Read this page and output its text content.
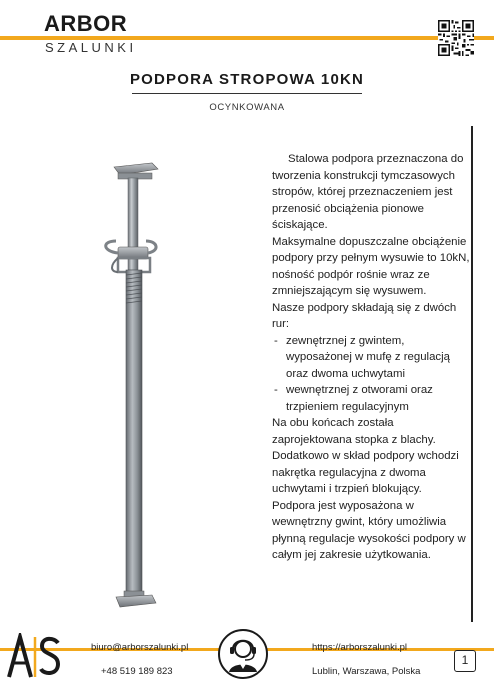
ARBOR
SZALUNKI
PODPORA STROPOWA 10KN
OCYNKOWANA

Stalowa podpora przeznaczona do tworzenia konstrukcji tymczasowych stropów, której przeznaczeniem jest przenosić obciążenia pionowe ściskające.

Maksymalne dopuszczalne obciążenie podpory przy pełnym wysuwie to 10kN, nośność podpór rośnie wraz ze zmniejszającym się wysuwem.

Nasze podpory składają się z dwóch rur:

- zewnętrznej z gwintem, wyposażonej w mufę z regulacją oraz dwoma uchwytami
- wewnętrznej z otworami oraz trzpieniem regulacyjnym

Na obu końcach została zaprojektowana stopka z blachy.

Dodatkowo w skład podpory wchodzi nakrętka regulacyjna z dwoma uchwytami i trzpień blokujący.

Podpora jest wyposażona w wewnętrzny gwint, który umożliwia płynną regulacje wysokości podpory w całym jej zakresie użytkowania.

biuro@arborszalunki.pl
+48 519 189 823
https://arborszalunki.pl
Lublin, Warszawa, Polska
1
